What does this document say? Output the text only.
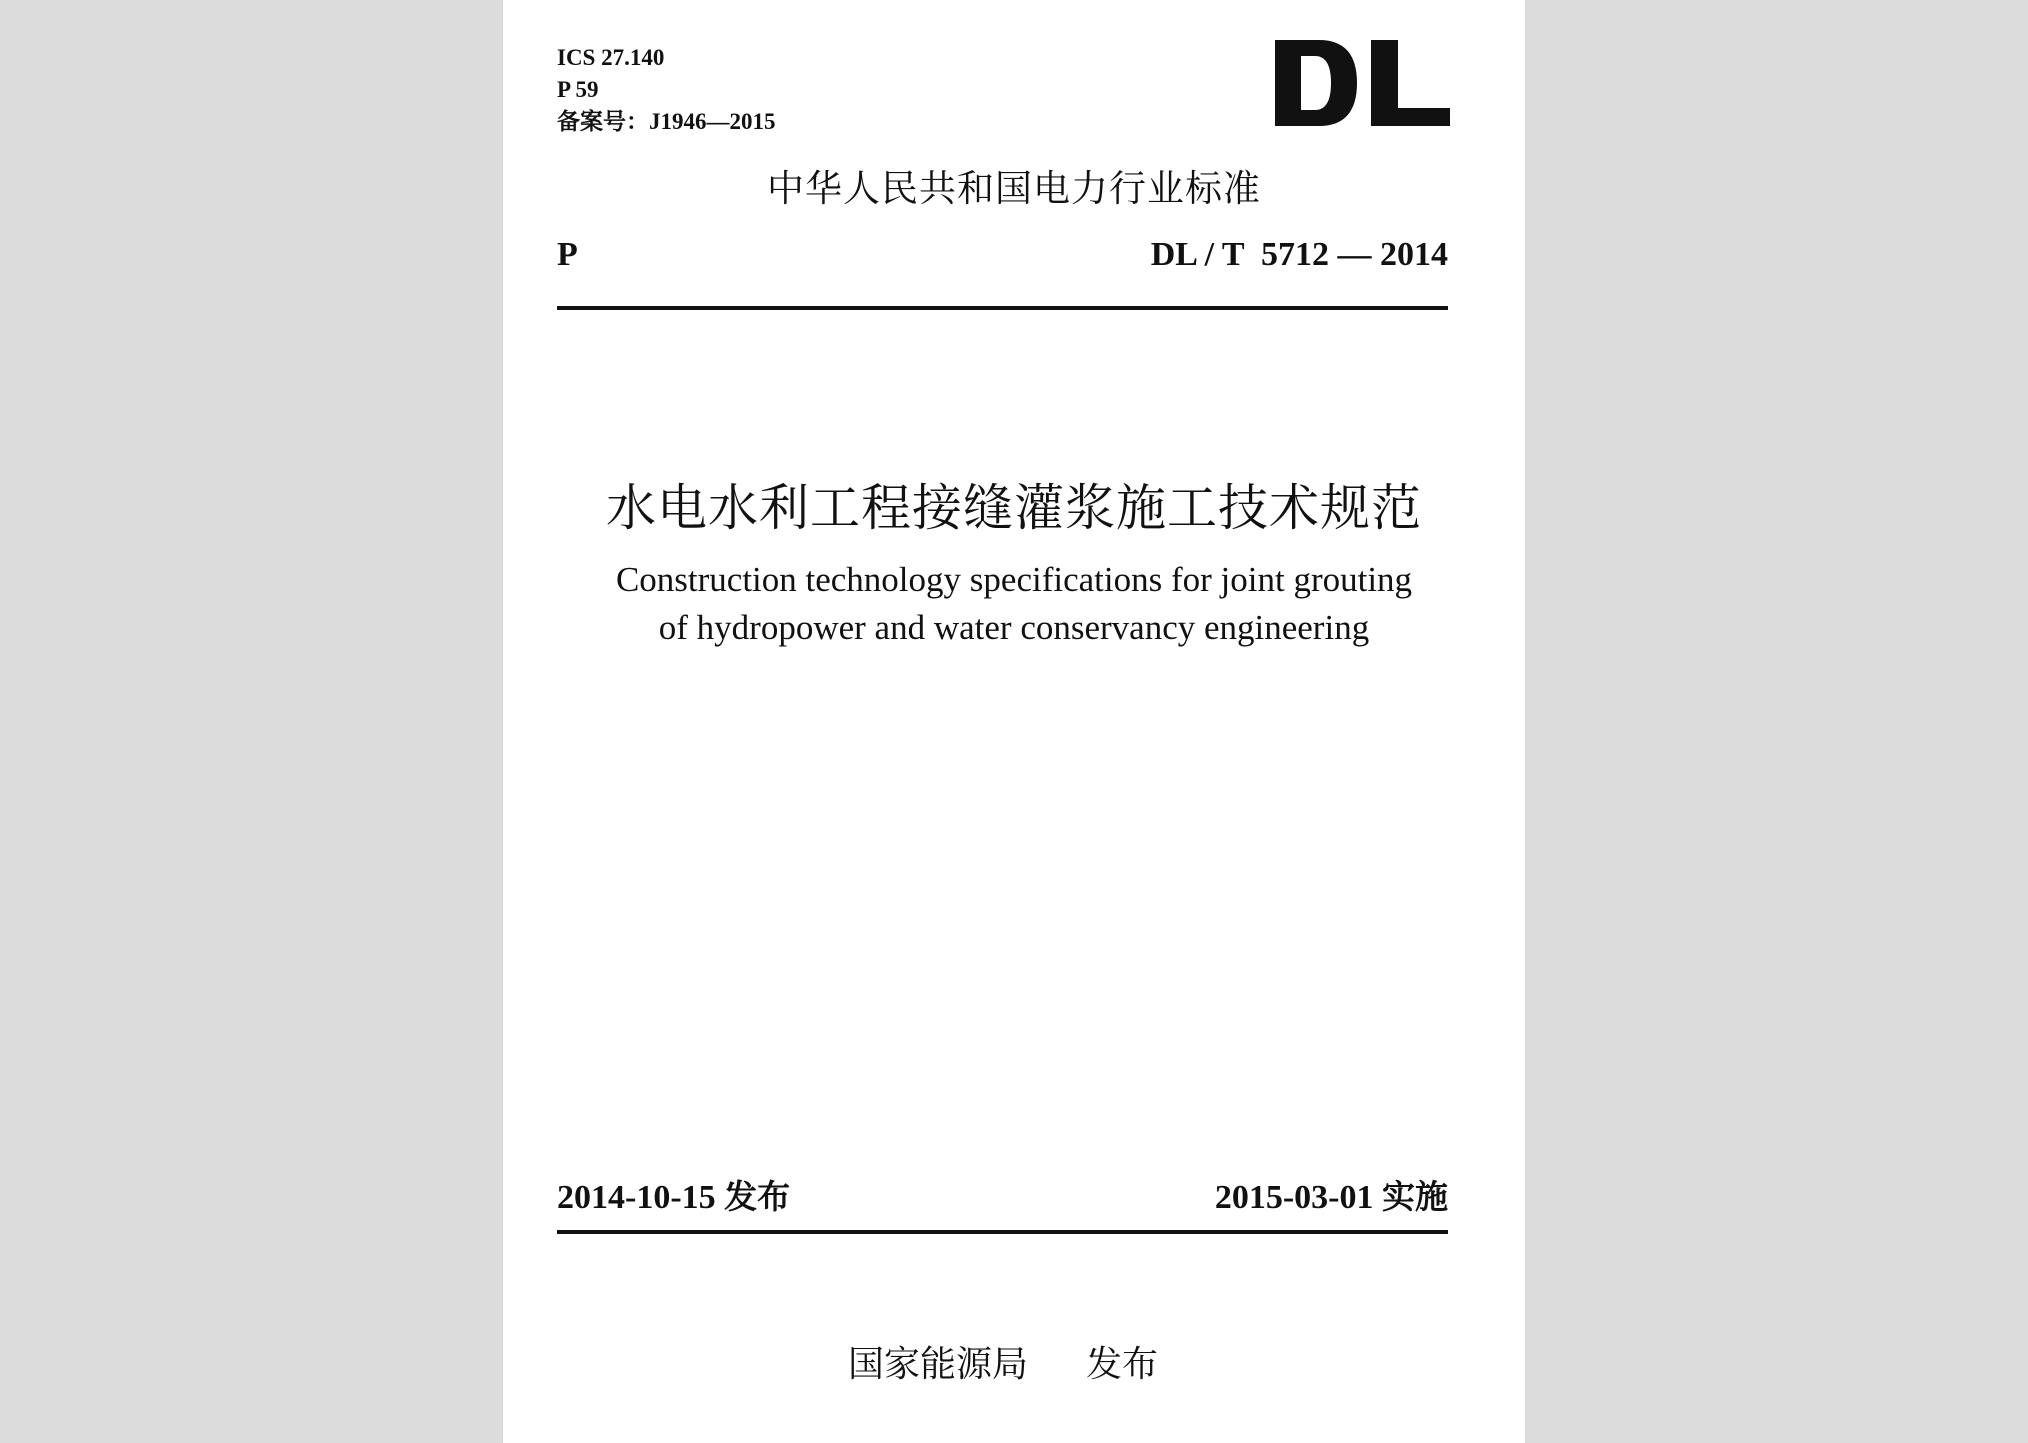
ICS 27.140
P 59
备案号：J1946—2015
中华人民共和国电力行业标准
P	DL / T  5712 — 2014
水电水利工程接缝灌浆施工技术规范
Construction technology specifications for joint grouting
of hydropower and water conservancy engineering
2014-10-15 发布	2015-03-01 实施
国家能源局 发布
